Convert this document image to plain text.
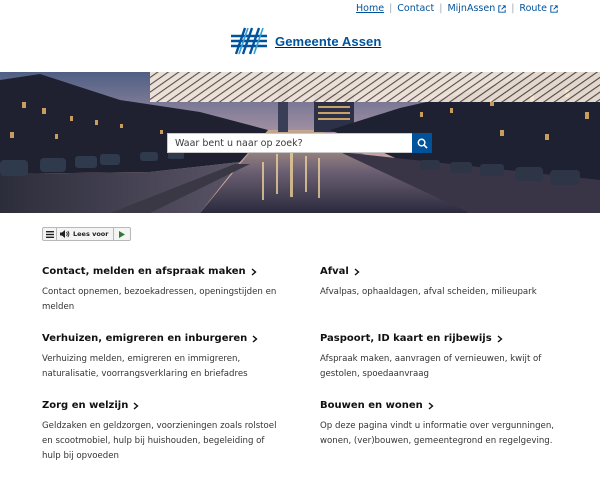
Home | Contact | MijnAssen | Route
Gemeente Assen
Waar bent u naar op zoek?
Lees voor
Contact, melden en afspraak maken

Contact opnemen, bezoekadressen, openingstijden en melden

Afval

Afvalpas, ophaaldagen, afval scheiden, milieupark

Verhuizen, emigreren en inburgeren

Verhuizing melden, emigreren en immigreren, naturalisatie, voorrangsverklaring en briefadres

Paspoort, ID kaart en rijbewijs

Afspraak maken, aanvragen of vernieuwen, kwijt of gestolen, spoedaanvraag

Zorg en welzijn

Geldzaken en geldzorgen, voorzieningen zoals rolstoel en scootmobiel, hulp bij huishouden, begeleiding of hulp bij opvoeden

Bouwen en wonen

Op deze pagina vindt u informatie over vergunningen, wonen, (ver)bouwen, gemeentegrond en regelgeving.
